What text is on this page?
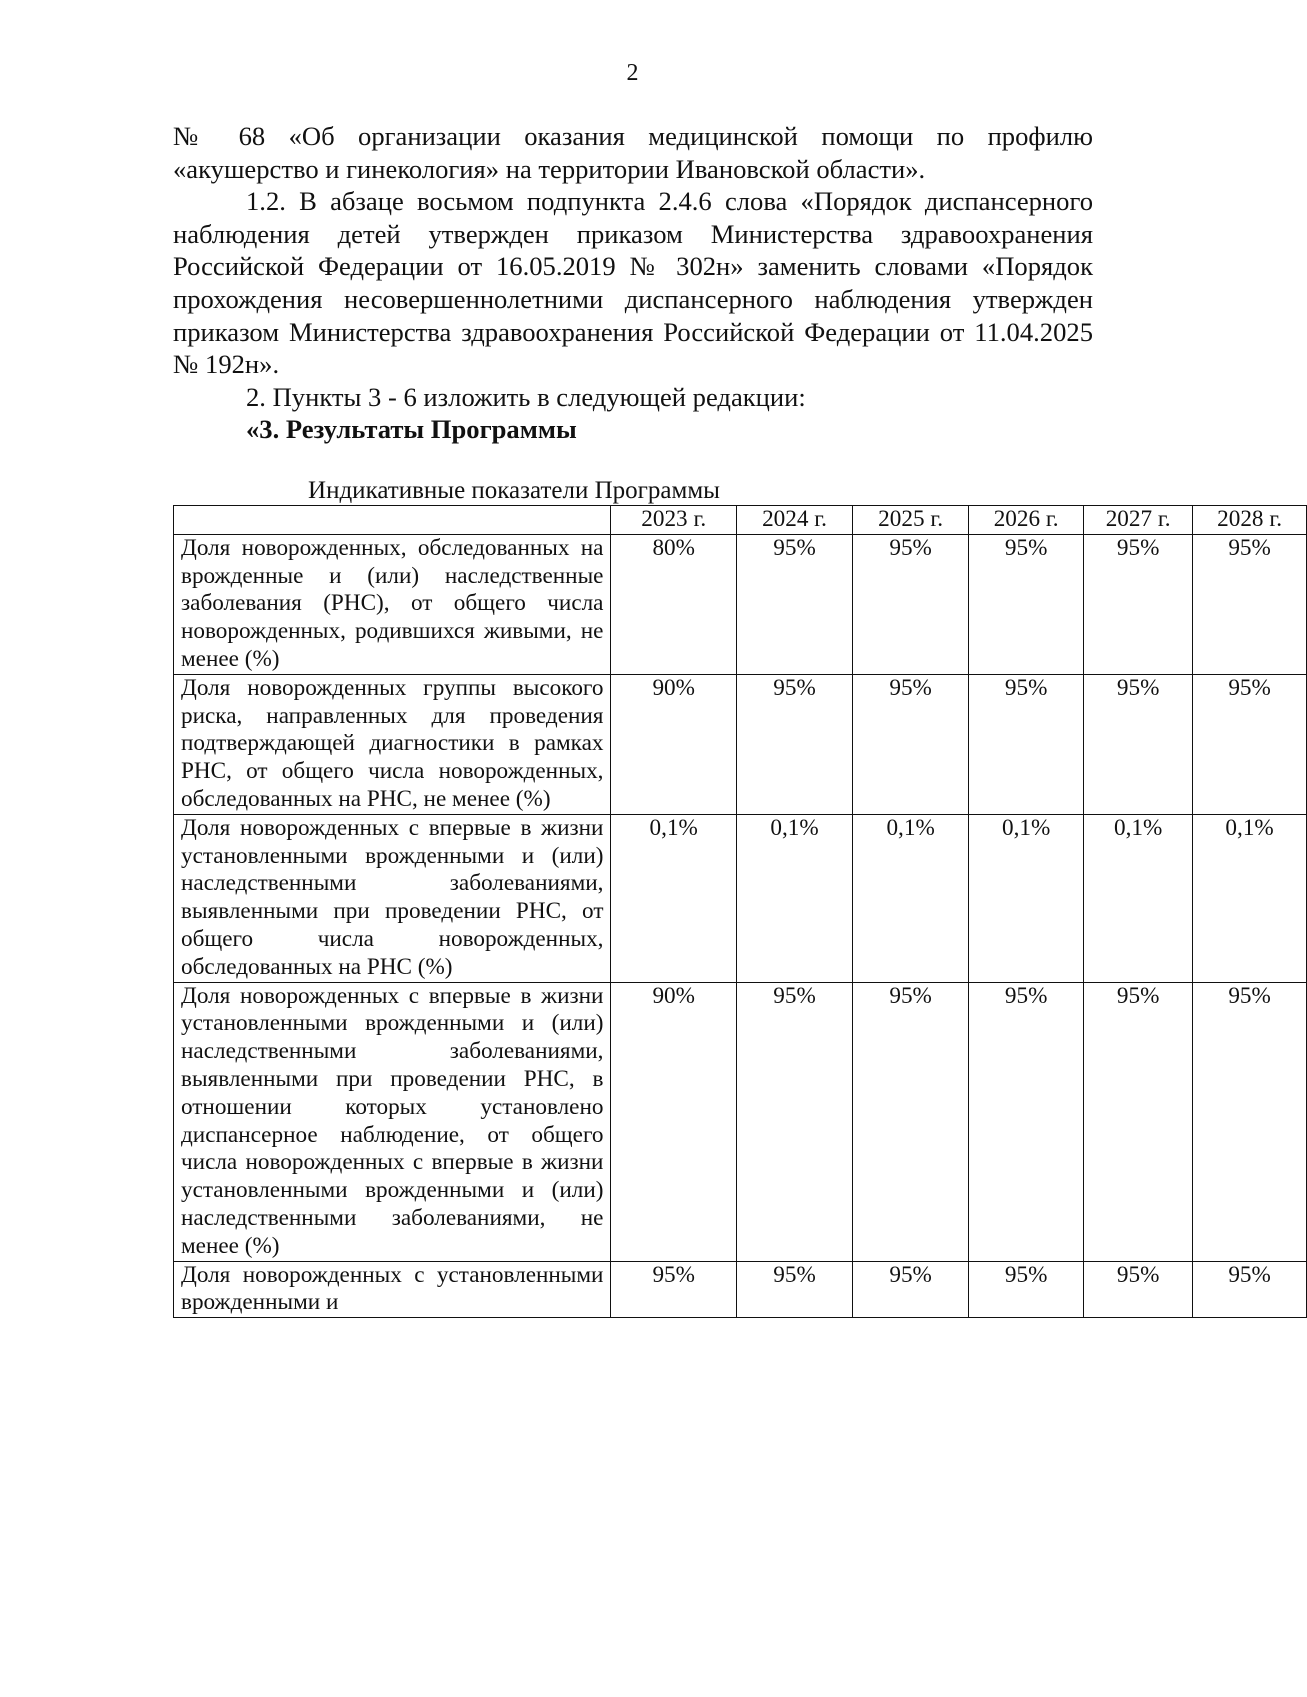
2

№ 68 «Об организации оказания медицинской помощи по профилю «акушерство и гинекология» на территории Ивановской области».

1.2. В абзаце восьмом подпункта 2.4.6 слова «Порядок диспансерного наблюдения детей утвержден приказом Министерства здравоохранения Российской Федерации от 16.05.2019 № 302н» заменить словами «Порядок прохождения несовершеннолетними диспансерного наблюдения утвержден приказом Министерства здравоохранения Российской Федерации от 11.04.2025 № 192н».

2. Пункты 3 - 6 изложить в следующей редакции:

«3. Результаты Программы

Индикативные показатели Программы
	2023 г.	2024 г.	2025 г.	2026 г.	2027 г.	2028 г.
Доля новорожденных, обследованных на врожденные и (или) наследственные заболевания (РНС), от общего числа новорожденных, родившихся живыми, не менее (%)	80%	95%	95%	95%	95%	95%
Доля новорожденных группы высокого риска, направленных для проведения подтверждающей диагностики в рамках РНС, от общего числа новорожденных, обследованных на РНС, не менее (%)	90%	95%	95%	95%	95%	95%
Доля новорожденных с впервые в жизни установленными врожденными и (или) наследственными заболеваниями, выявленными при проведении РНС, от общего числа новорожденных, обследованных на РНС (%)	0,1%	0,1%	0,1%	0,1%	0,1%	0,1%
Доля новорожденных с впервые в жизни установленными врожденными и (или) наследственными заболеваниями, выявленными при проведении РНС, в отношении которых установлено диспансерное наблюдение, от общего числа новорожденных с впервые в жизни установленными врожденными и (или) наследственными заболеваниями, не менее (%)	90%	95%	95%	95%	95%	95%
Доля новорожденных с установленными врожденными и	95%	95%	95%	95%	95%	95%
